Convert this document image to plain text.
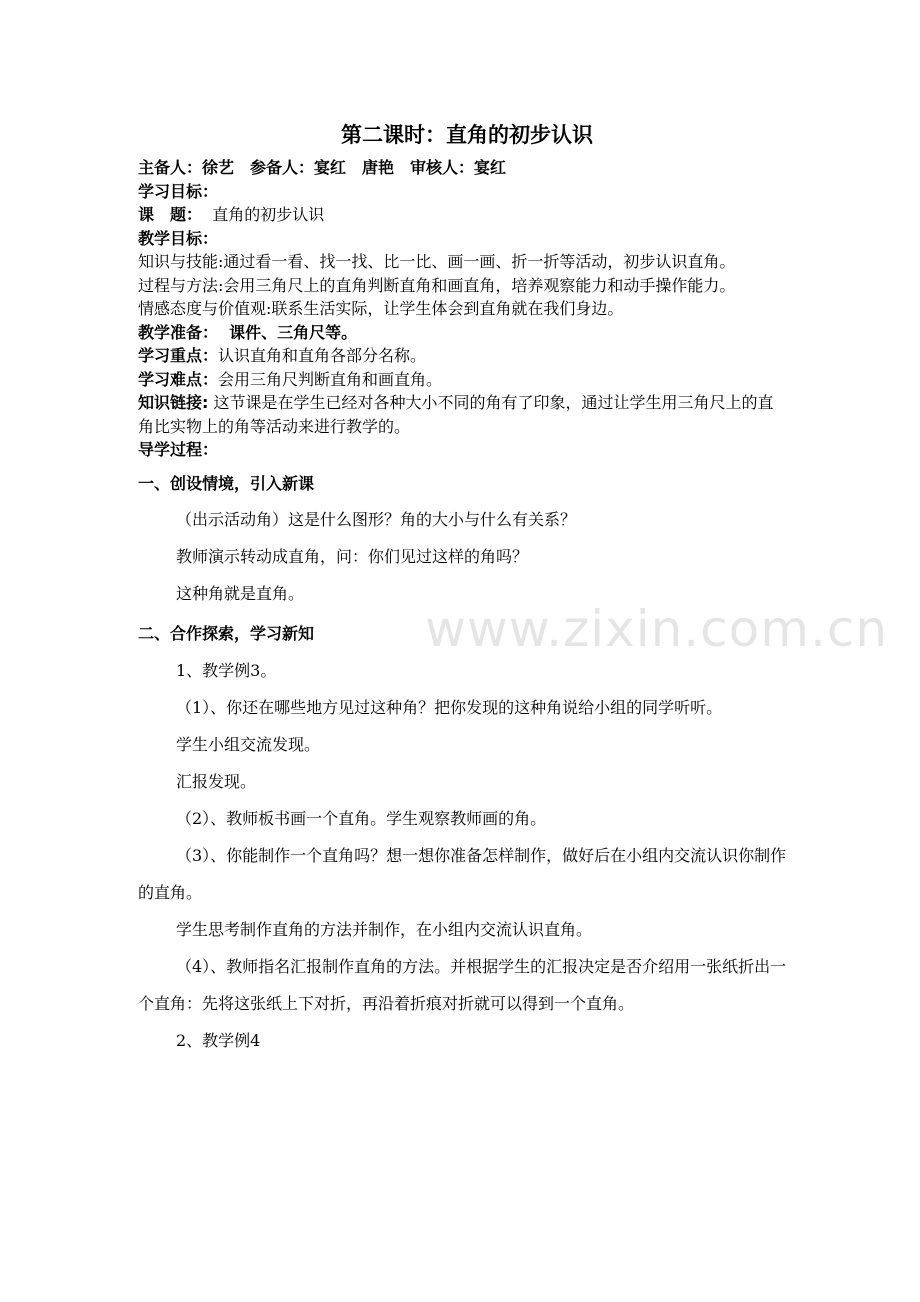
第二课时：直角的初步认识

主备人：徐艺　参备人：宴红　唐艳　审核人：宴红

学习目标：

课　题： 直角的初步认识

教学目标：

知识与技能:通过看一看、找一找、比一比、画一画、折一折等活动，初步认识直角。

过程与方法:会用三角尺上的直角判断直角和画直角，培养观察能力和动手操作能力。

情感态度与价值观:联系生活实际，让学生体会到直角就在我们身边。

教学准备： 课件、三角尺等。

学习重点：认识直角和直角各部分名称。

学习难点：会用三角尺判断直角和画直角。

知识链接: 这节课是在学生已经对各种大小不同的角有了印象，通过让学生用三角尺上的直角比实物上的角等活动来进行教学的。

导学过程：

一、创设情境，引入新课

（出示活动角）这是什么图形？角的大小与什么有关系？

教师演示转动成直角，问：你们见过这样的角吗？

这种角就是直角。

二、合作探索，学习新知

1、教学例3。

（1）、你还在哪些地方见过这种角？把你发现的这种角说给小组的同学听听。

学生小组交流发现。

汇报发现。

（2）、教师板书画一个直角。学生观察教师画的角。

（3）、你能制作一个直角吗？想一想你准备怎样制作，做好后在小组内交流认识你制作的直角。

学生思考制作直角的方法并制作，在小组内交流认识直角。

（4）、教师指名汇报制作直角的方法。并根据学生的汇报决定是否介绍用一张纸折出一个直角：先将这张纸上下对折，再沿着折痕对折就可以得到一个直角。

2、教学例4

www.zixin.com.cn
